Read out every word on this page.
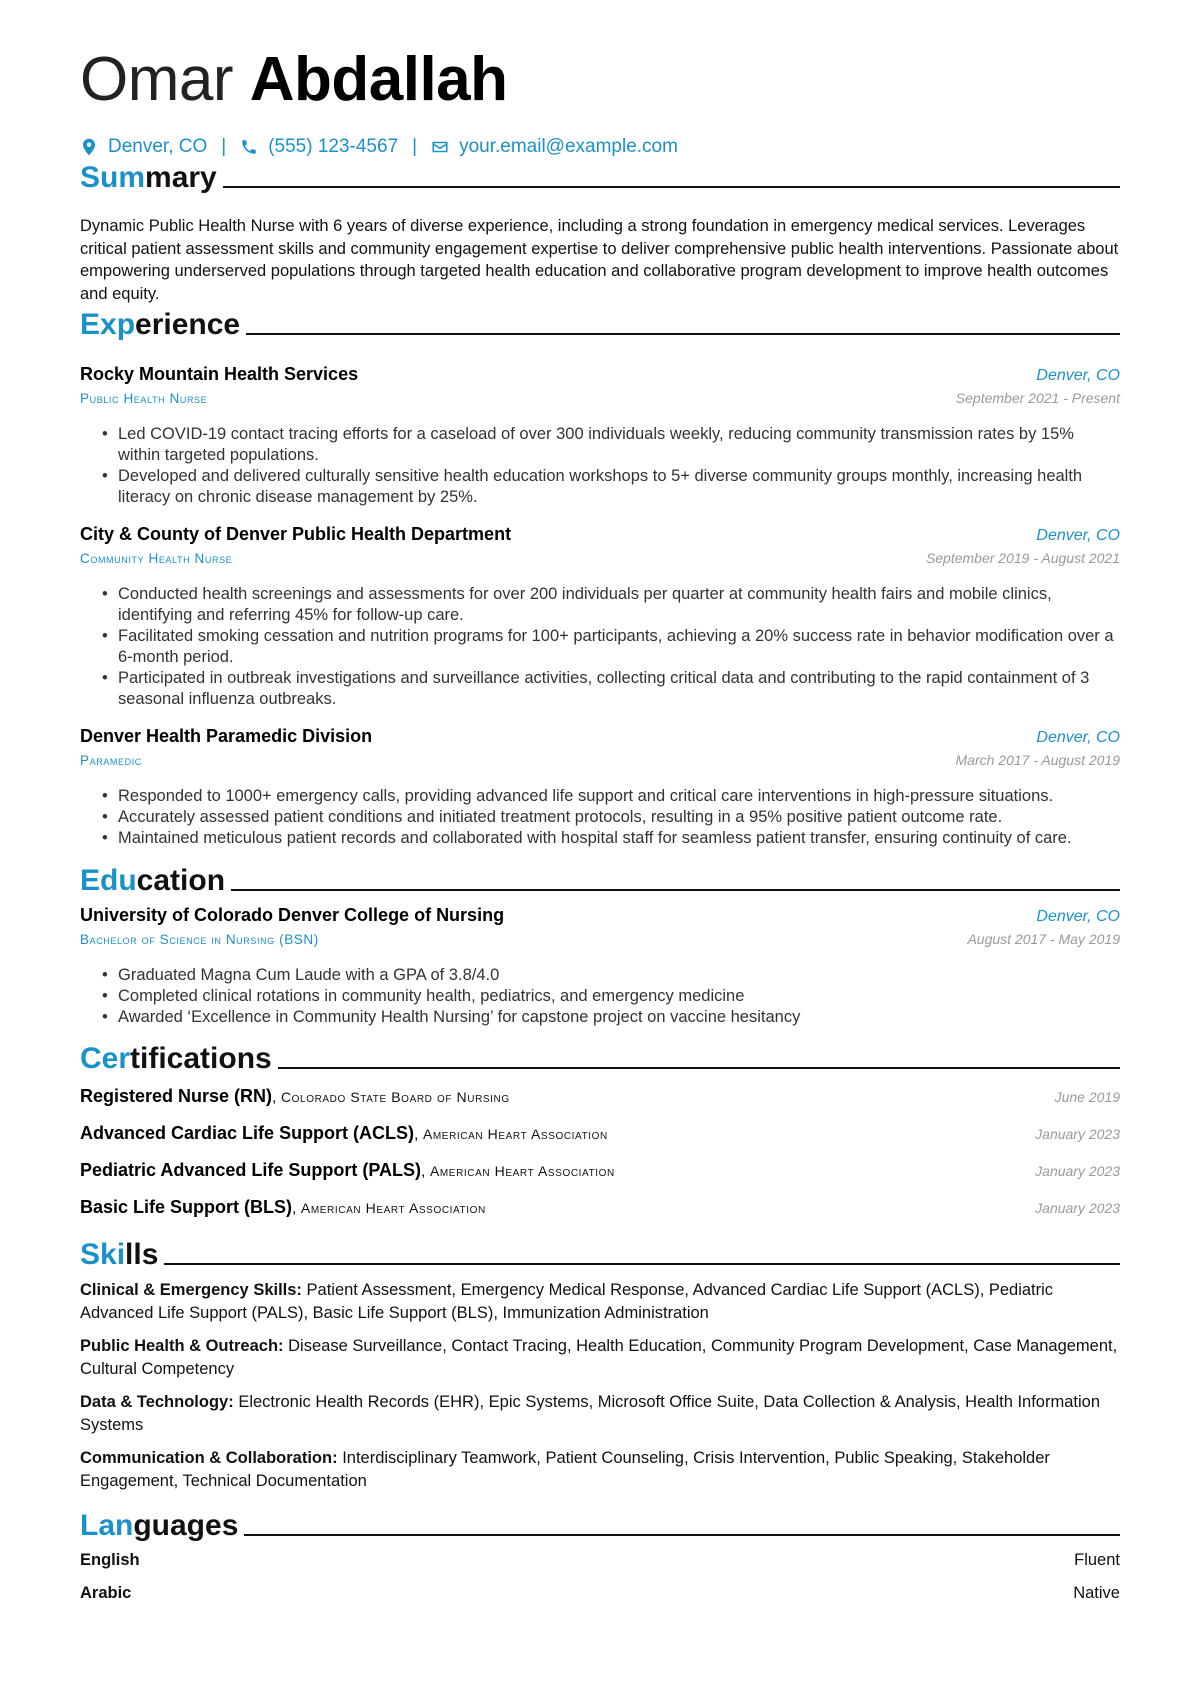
Omar Abdallah
Denver, CO | (555) 123-4567 | your.email@example.com
Summary
Dynamic Public Health Nurse with 6 years of diverse experience, including a strong foundation in emergency medical services. Leverages critical patient assessment skills and community engagement expertise to deliver comprehensive public health interventions. Passionate about empowering underserved populations through targeted health education and collaborative program development to improve health outcomes and equity.
Experience
Rocky Mountain Health Services	Denver, CO
Public Health Nurse	September 2021 - Present
• Led COVID-19 contact tracing efforts for a caseload of over 300 individuals weekly, reducing community transmission rates by 15% within targeted populations.
• Developed and delivered culturally sensitive health education workshops to 5+ diverse community groups monthly, increasing health literacy on chronic disease management by 25%.
City & County of Denver Public Health Department	Denver, CO
Community Health Nurse	September 2019 - August 2021
• Conducted health screenings and assessments for over 200 individuals per quarter at community health fairs and mobile clinics, identifying and referring 45% for follow-up care.
• Facilitated smoking cessation and nutrition programs for 100+ participants, achieving a 20% success rate in behavior modification over a 6-month period.
• Participated in outbreak investigations and surveillance activities, collecting critical data and contributing to the rapid containment of 3 seasonal influenza outbreaks.
Denver Health Paramedic Division	Denver, CO
Paramedic	March 2017 - August 2019
• Responded to 1000+ emergency calls, providing advanced life support and critical care interventions in high-pressure situations.
• Accurately assessed patient conditions and initiated treatment protocols, resulting in a 95% positive patient outcome rate.
• Maintained meticulous patient records and collaborated with hospital staff for seamless patient transfer, ensuring continuity of care.
Education
University of Colorado Denver College of Nursing	Denver, CO
Bachelor of Science in Nursing (BSN)	August 2017 - May 2019
• Graduated Magna Cum Laude with a GPA of 3.8/4.0
• Completed clinical rotations in community health, pediatrics, and emergency medicine
• Awarded ‘Excellence in Community Health Nursing’ for capstone project on vaccine hesitancy
Certifications
Registered Nurse (RN), Colorado State Board of Nursing	June 2019
Advanced Cardiac Life Support (ACLS), American Heart Association	January 2023
Pediatric Advanced Life Support (PALS), American Heart Association	January 2023
Basic Life Support (BLS), American Heart Association	January 2023
Skills
Clinical & Emergency Skills: Patient Assessment, Emergency Medical Response, Advanced Cardiac Life Support (ACLS), Pediatric Advanced Life Support (PALS), Basic Life Support (BLS), Immunization Administration
Public Health & Outreach: Disease Surveillance, Contact Tracing, Health Education, Community Program Development, Case Management, Cultural Competency
Data & Technology: Electronic Health Records (EHR), Epic Systems, Microsoft Office Suite, Data Collection & Analysis, Health Information Systems
Communication & Collaboration: Interdisciplinary Teamwork, Patient Counseling, Crisis Intervention, Public Speaking, Stakeholder Engagement, Technical Documentation
Languages
English	Fluent
Arabic	Native
